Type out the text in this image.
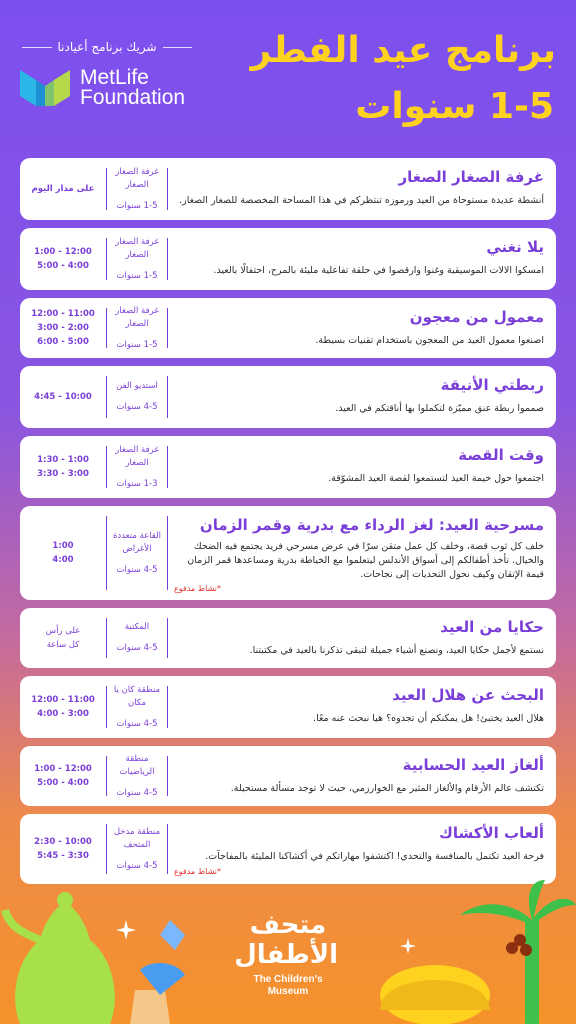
شريك برنامج أعيادنا
MetLife
Foundation
برنامج عيد الفطر
1-5 سنوات
غرفة الصغار الصغار
أنشطة عديدة مستوحاة من العيد ورموزه تنتظركم في هذا المساحة المخصصة للصغار الصغار.
غرفة الصغار الصغار
1-5 سنوات
على مدار اليوم
يلا نغني
امسكوا الالات الموسيقية وغنوا وارقصوا في حلقة تفاعلية مليئة بالمرح، احتفالًا بالعيد.
غرفة الصغار الصغار
1-5 سنوات
12:00 - 1:00
4:00 - 5:00
معمول من معجون
اصنعوا معمول العيد من المعجون باستخدام تقنيات بسيطة.
غرفة الصغار الصغار
1-5 سنوات
11:00 - 12:00
2:00 - 3:00
5:00 - 6:00
ربطتي الأنيقة
صمموا ربطة عنق مميّزة لتكملوا بها أناقتكم في العيد.
استديو الفن
4-5 سنوات
10:00 - 4:45
وقت القصة
اجتمعوا حول خيمة العيد لتستمعوا لقصة العيد المشوّقة.
غرفة الصغار الصغار
1-3 سنوات
1:00 - 1:30
3:00 - 3:30
مسرحية العيد: لغز الرداء مع بدرية وقمر الزمان
خلف كل ثوب قصة، وخلف كل عمل متقن سرّا في عرض مسرحي فريد يجتمع فيه الضحك والخيال. تأخذ أطفالكم إلى أسواق الأندلس ليتعلموا مع الخياطة بدرية ومساعدها قمر الزمان قيمة الإتقان وكيف نحول التحديات إلى نجاحات.
*نشاط مدفوع
القاعة متعددة الأغراض
4-5 سنوات
1:00
4:00
حكايا من العيد
نستمع لأجمل حكايا العيد، ونصنع أشياء جميلة لتبقى تذكرنا بالعيد في مكتبتنا.
المكتبة
4-5 سنوات
على رأس
كل ساعة
البحث عن هلال العيد
هلال العيد يختبئ! هل يمكنكم أن تجدوه؟ هيا نبحث عنه معًا.
منطقة كان يا مكان
4-5 سنوات
11:00 - 12:00
3:00 - 4:00
ألغاز العيد الحسابية
تكتشف عالم الأرقام والألغاز المثير مع الخوارزمي، حيث لا توجد مسألة مستحيلة.
منطقة الرياضيات
4-5 سنوات
12:00 - 1:00
4:00 - 5:00
ألعاب الأكشاك
فرحة العيد تكتمل بالمنافسة والتحدي! اكتشفوا مهاراتكم في أكشاكنا المليئة بالمفاجآت.
*نشاط مدفوع
منطقة مدخل المتحف
4-5 سنوات
10:00 - 2:30
3:30 - 5:45
متحف الأطفال
The Children's
Museum
